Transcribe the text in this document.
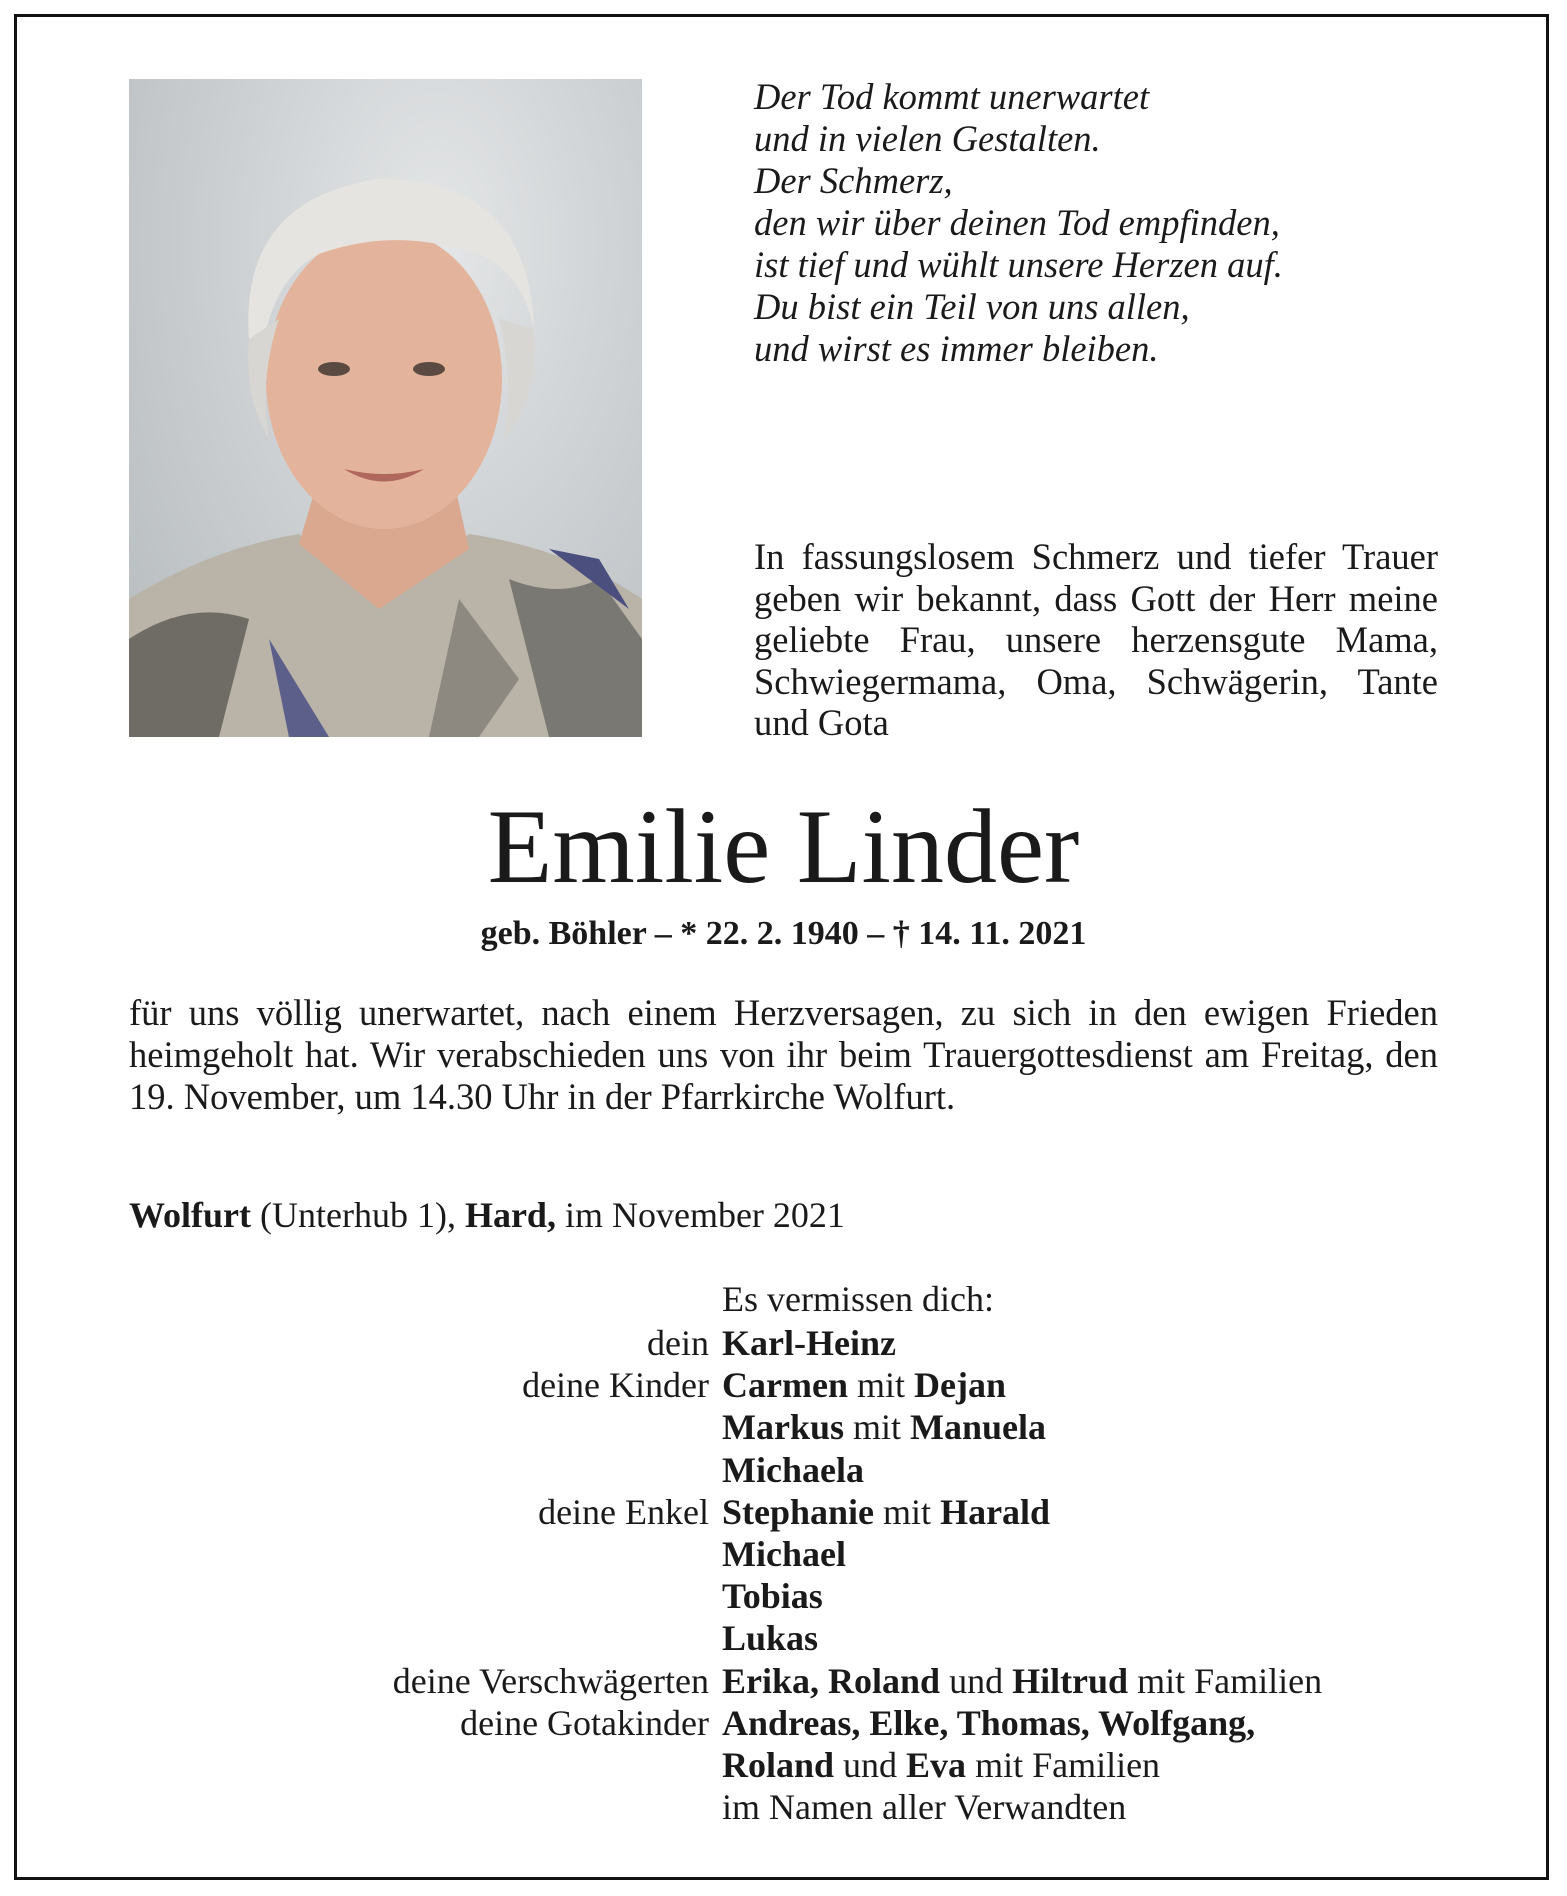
Der Tod kommt unerwartet
und in vielen Gestalten.
Der Schmerz,
den wir über deinen Tod empfinden,
ist tief und wühlt unsere Herzen auf.
Du bist ein Teil von uns allen,
und wirst es immer bleiben.
In fassungslosem Schmerz und tiefer Trauer geben wir bekannt, dass Gott der Herr meine geliebte Frau, unsere herzensgute Mama, Schwiegermama, Oma, Schwägerin, Tante und Gota
Emilie Linder
geb. Böhler – * 22. 2. 1940 – † 14. 11. 2021
für uns völlig unerwartet, nach einem Herzversagen, zu sich in den ewigen Frieden heimgeholt hat. Wir verabschieden uns von ihr beim Trauergottesdienst am Freitag, den 19. November, um 14.30 Uhr in der Pfarrkirche Wolfurt.
Wolfurt (Unterhub 1), Hard, im November 2021
Es vermissen dich:
dein Karl-Heinz
deine Kinder Carmen mit Dejan
Markus mit Manuela
Michaela
deine Enkel Stephanie mit Harald
Michael
Tobias
Lukas
deine Verschwägerten Erika, Roland und Hiltrud mit Familien
deine Gotakinder Andreas, Elke, Thomas, Wolfgang,
Roland und Eva mit Familien
im Namen aller Verwandten
